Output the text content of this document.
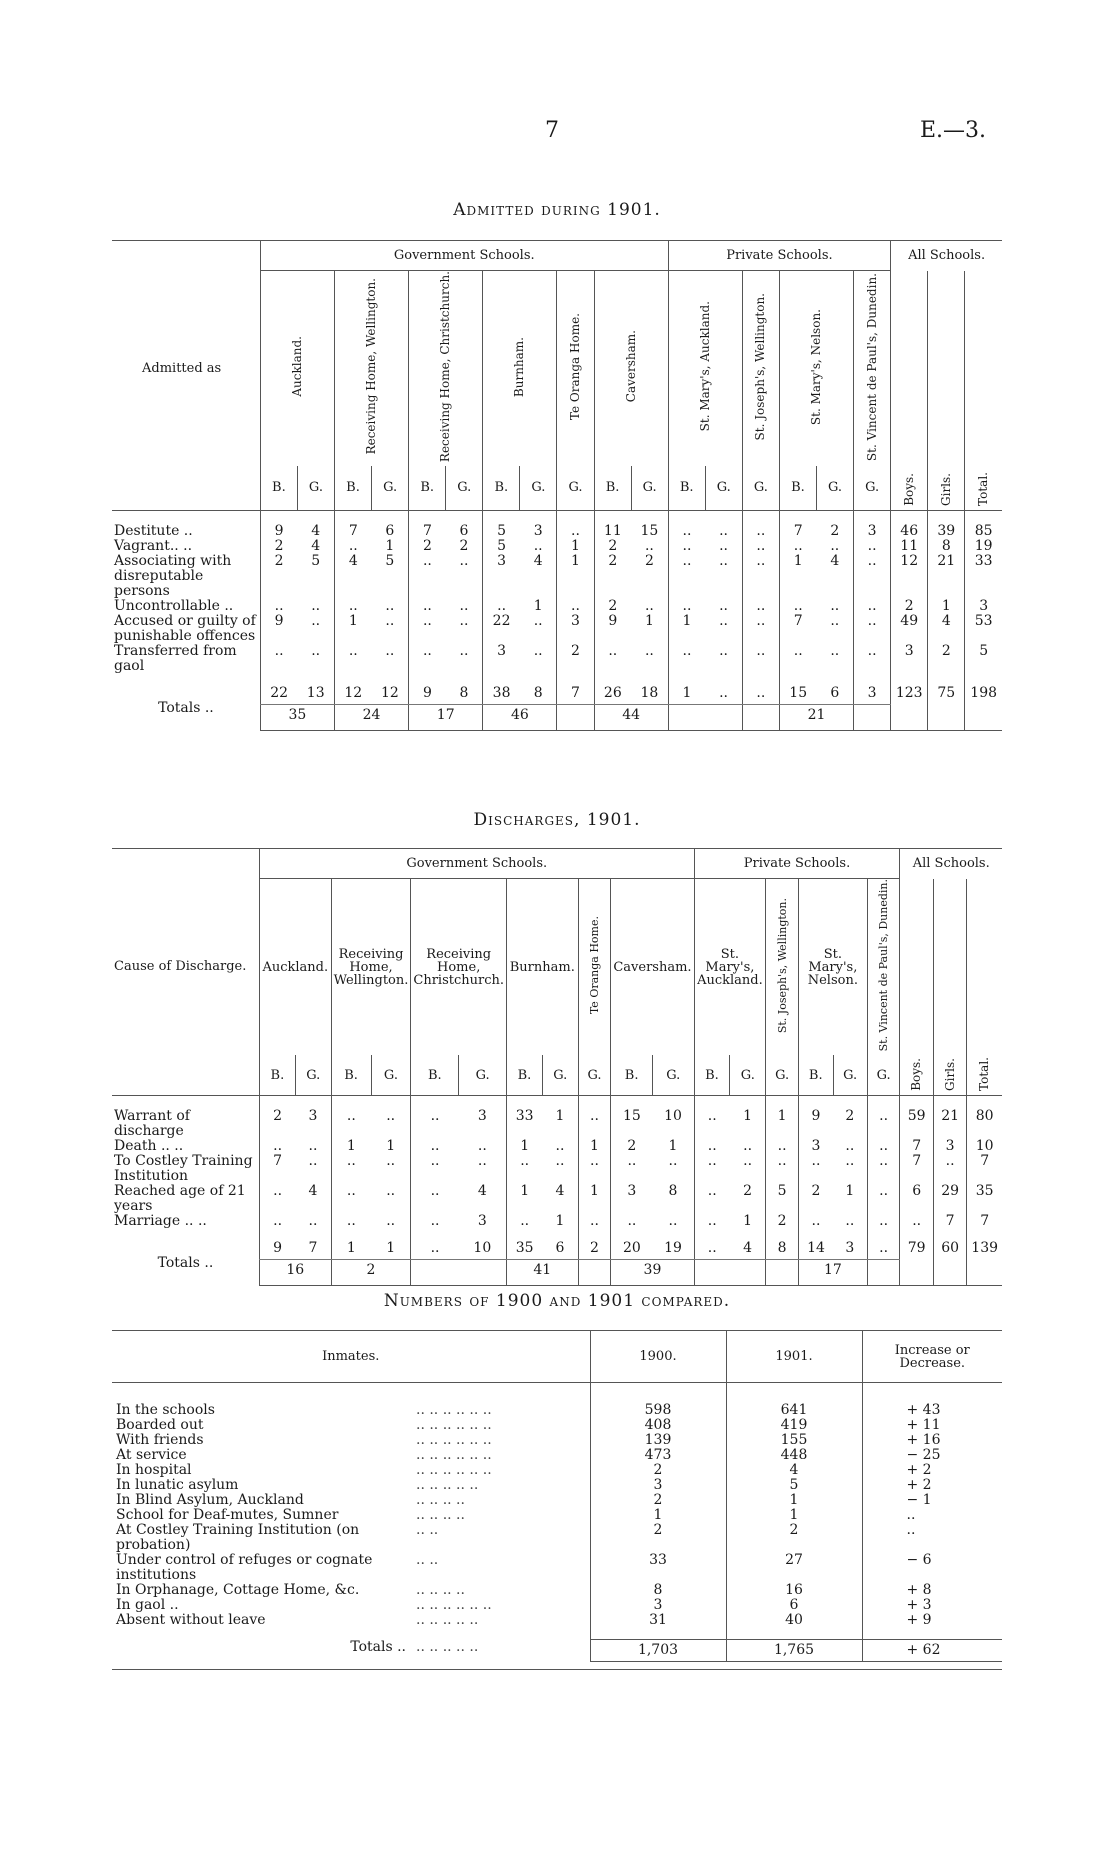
7	E.—3.
Admitted during 1901.
	Government Schools.											Private Schools.						All Schools.		
Admitted as	Auckland.		Receiving Home, Wellington.		Receiving Home, Christchurch.		Burnham.		Te Oranga Home.	Caversham.		St. Mary's, Auckland.		St. Joseph's, Wellington.	St. Mary's, Nelson.		St. Vincent de Paul's, Dunedin.	Boys.	Girls.	Total.
	B.	G.	B.	G.	B.	G.	B.	G.	G.	B.	G.	B.	G.	G.	B.	G.	G.			

Destitute ..	9	4	7	6	7	6	5	3	..	11	15	..	..	..	7	2	3	46	39	85
Vagrant.. ..	2	4	..	1	2	2	5	..	1	2	..	..	..	..	..	..	..	11	8	19
Associating with disreputable persons	2	5	4	5	..	..	3	4	1	2	2	..	..	..	1	4	..	12	21	33
Uncontrollable ..	..	..	..	..	..	..	..	1	..	2	..	..	..	..	..	..	..	2	1	3
Accused or guilty of punishable offences	9	..	1	..	..	..	22	..	3	9	1	1	..	..	7	..	..	49	4	53
Transferred from gaol	..	..	..	..	..	..	3	..	2	..	..	..	..	..	..	..	..	3	2	5

Totals ..	22	13	12	12	9	8	38	8	7	26	18	1	..	..	15	6	3	123	75	198
	35		24		17		46			44					21					
Discharges, 1901.
	Government Schools.											Private Schools.						All Schools.		
Cause of Discharge.	Auckland.		Receiving Home, Wellington.		Receiving Home, Christchurch.		Burnham.		Te Oranga Home.	Caversham.		St. Mary's, Auckland.		St. Joseph's, Wellington.	St. Mary's, Nelson.		St. Vincent de Paul's, Dunedin.	Boys.	Girls.	Total.
	B.	G.	B.	G.	B.	G.	B.	G.	G.	B.	G.	B.	G.	G.	B.	G.	G.			

Warrant of discharge	2	3	..	..	..	3	33	1	..	15	10	..	1	1	9	2	..	59	21	80
Death .. ..	..	..	1	1	..	..	1	..	1	2	1	..	..	..	3	..	..	7	3	10
To Costley Training Institution	7	..	..	..	..	..	..	..	..	..	..	..	..	..	..	..	..	7	..	7
Reached age of 21 years	..	4	..	..	..	4	1	4	1	3	8	..	2	5	2	1	..	6	29	35
Marriage .. ..	..	..	..	..	..	3	..	1	..	..	..	..	1	2	..	..	..	..	7	7

Totals ..	9	7	1	1	..	10	35	6	2	20	19	..	4	8	14	3	..	79	60	139
	16		2				41			39					17					
Numbers of 1900 and 1901 compared.
Inmates.		1900.	1901.	Increase or Decrease.

In the schools	.. .. .. .. .. ..	598	641	+ 43
Boarded out	.. .. .. .. .. ..	408	419	+ 11
With friends	.. .. .. .. .. ..	139	155	+ 16
At service	.. .. .. .. .. ..	473	448	− 25
In hospital	.. .. .. .. .. ..	2	4	+ 2
In lunatic asylum	.. .. .. .. ..	3	5	+ 2
In Blind Asylum, Auckland	.. .. .. ..	2	1	− 1
School for Deaf-mutes, Sumner	.. .. .. ..	1	1	..
At Costley Training Institution (on probation)	.. ..	2	2	..
Under control of refuges or cognate institutions	.. ..	33	27	− 6
In Orphanage, Cottage Home, &c.	.. .. .. ..	8	16	+ 8
In gaol ..	.. .. .. .. .. ..	3	6	+ 3
Absent without leave	.. .. .. .. ..	31	40	+ 9

Totals ..	.. .. .. .. ..	1,703	1,765	+ 62
